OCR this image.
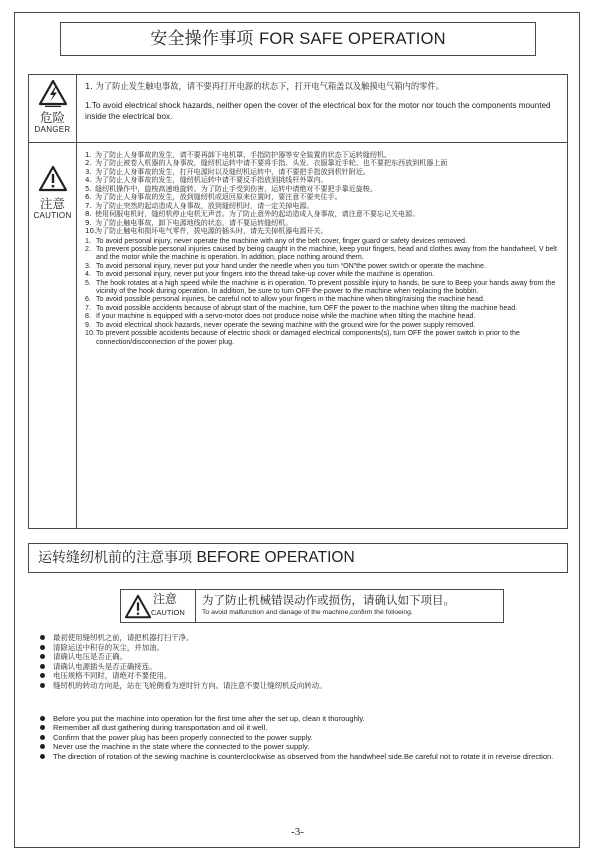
安全操作事项 FOR SAFE OPERATION
危险
DANGER

1. 为了防止发生触电事故，请不要再打开电源的状态下，打开电气箱盖以及触摸电气箱内的零件。

1.To avoid electrical shock hazards, neither open the cover of the electrical box for the motor nor touch the components mounted inside the electrical box.

注意
CAUTION
1. 为了防止人身事故的发生，请不要再卸下电机罩、手指防护器等安全装置的状态下运转缝纫机。
2. 为了防止被卷入机器的人身事故，缝纫机运转中请不要将手指、头发、衣服靠近手轮、也不要把东西放到机器上面
3. 为了防止人身事故的发生，打开电源时以及缝纫机运转中，请不要把手指放到机针附近。
4. 为了防止人身事故的发生，缝纫机运转中请不要反手指放到挑线杆外罩内。
5. 缝纫机操作中，旋梭高速地旋转。为了防止手受到伤害，运转中请绝对不要把手靠近旋梭。
6. 为了防止人身事故的发生，放到缝纫机或返回原来位置时，要注意不要夹住手。
7. 为了防止突然的起动造成人身事故，放到缝纫机时，请一定关掉电源。
8. 使用伺服电机时，缝纫机停止电机无声音。为了防止意外的起动造成人身事故，请注意不要忘记关电源。
9. 为了防止触电事故，卸下电源地线的状态，请不要运转缝纫机。
10.
为了防止触电和损坏电气零件，拔电源的插头时，请先关掉机器电源开关。
1. To avoid personal injury, never operate the machine with any of the belt cover, finger guard or safety devices removed.
2. To prevent possible personal injuries caused by being caught in the machine, keep your fingers, head and clothes away from the handwheel, V belt and the motor while the machine is operation. In addition, place nothing around them.
3. To avoid personal injury, never put your hand under the needle when you turn “ON”the power switch or operate the machine.
4. To avoid personal injury, never put your fingers into the thread take-up cover while the machine is operation.
5. The hook rotates at a high speed while the machine is in operation. To prevent possible injury to hands, be sure to Beep your hands away from the vicinity of the hook during operation. In addition, be sure to turn OFF the power to the machine when replacing the bobbin.
6. To avoid possible personal injuries, be careful not to allow your fingers in the machine when tilting/raising the machine head.
7. To avoid possible accidents because of abrupt start of the machine, turn OFF the power to the machine when tilting the machine head.
8. If your machine is equipped with a servo-motor does not produce noise while the machine when tilting the machine head.
9. To avoid electrical shock hazards, never operate the sewing machine with the ground wire for the power supply removed.
10. To prevent possible accidents because of electric shock or damaged electrical components(s), turn OFF the power switch in prior to the connection/disconnection of the power plug.
运转缝纫机前的注意事项 BEFORE OPERATION
注意
CAUTION
为了防止机械错误动作或损伤，请确认如下项目。
To avoid malfunction and danage of the machine,confirm the folloeing.
最初使用缝纫机之前，请把机器打扫干净。
清除运送中积存的灰尘，并加油。
请确认电压是否正确。
请确认电源插头是否正确接连。
电压规格不同时，请绝对不要使用。
缝纫机的转动方向是，站在飞轮侧看为逆时针方向。请注意不要让缝纫机反向转动。
Before you put the machine into operation for the first time after the set up, clean it thoroughly.
Remember all dust gathering during transportation and oil it well.
Confirm that the power plug has been properly connected to the power supply.
Never use the machine in the state where the connected to the power supply.
The direction of rotation of the sewing machine is counterclockwise as observed from the handwheel side.Be careful not to rotate it in reverse direction.
-3-
